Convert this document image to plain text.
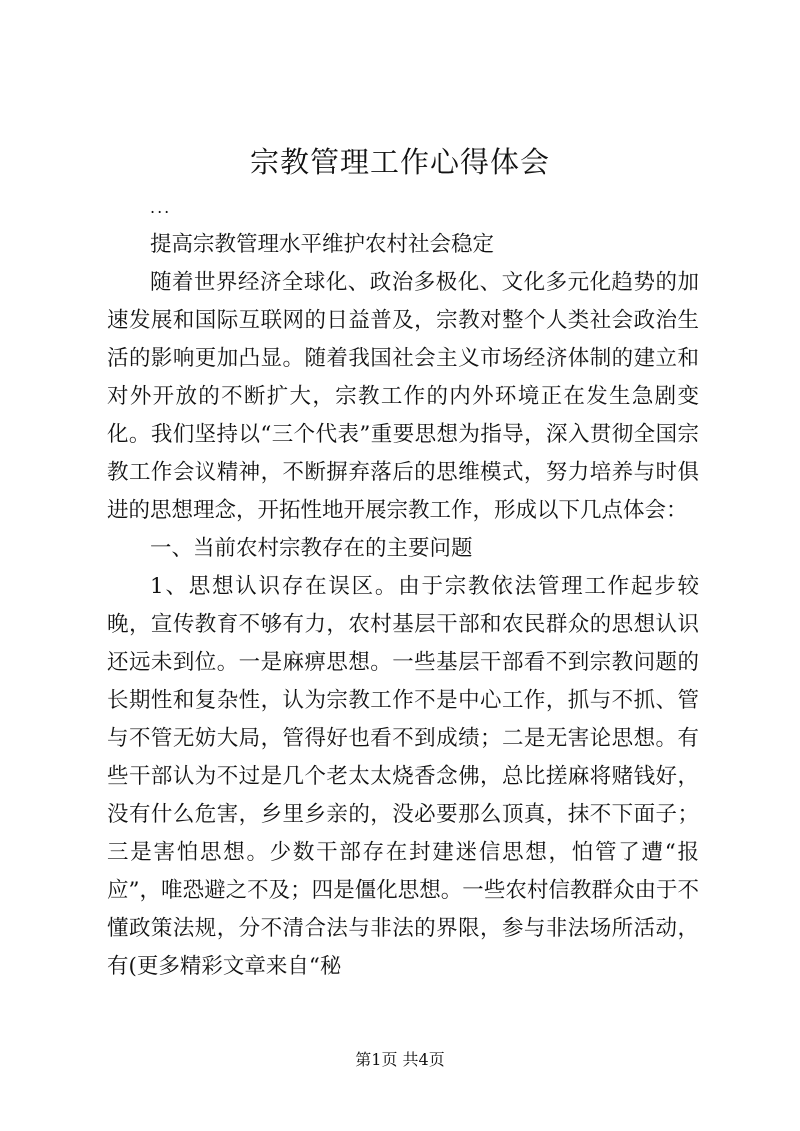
宗教管理工作心得体会
...

提高宗教管理水平维护农村社会稳定

随着世界经济全球化、政治多极化、文化多元化趋势的加速发展和国际互联网的日益普及，宗教对整个人类社会政治生活的影响更加凸显。随着我国社会主义市场经济体制的建立和对外开放的不断扩大，宗教工作的内外环境正在发生急剧变化。我们坚持以“三个代表”重要思想为指导，深入贯彻全国宗教工作会议精神，不断摒弃落后的思维模式，努力培养与时俱进的思想理念，开拓性地开展宗教工作，形成以下几点体会：

一、当前农村宗教存在的主要问题

1、思想认识存在误区。由于宗教依法管理工作起步较晚，宣传教育不够有力，农村基层干部和农民群众的思想认识还远未到位。一是麻痹思想。一些基层干部看不到宗教问题的长期性和复杂性，认为宗教工作不是中心工作，抓与不抓、管与不管无妨大局，管得好也看不到成绩；二是无害论思想。有些干部认为不过是几个老太太烧香念佛，总比搓麻将赌钱好，没有什么危害，乡里乡亲的，没必要那么顶真，抹不下面子；三是害怕思想。少数干部存在封建迷信思想，怕管了遭“报应”，唯恐避之不及；四是僵化思想。一些农村信教群众由于不懂政策法规，分不清合法与非法的界限，参与非法场所活动，有(更多精彩文章来自“秘

第1页 共4页
